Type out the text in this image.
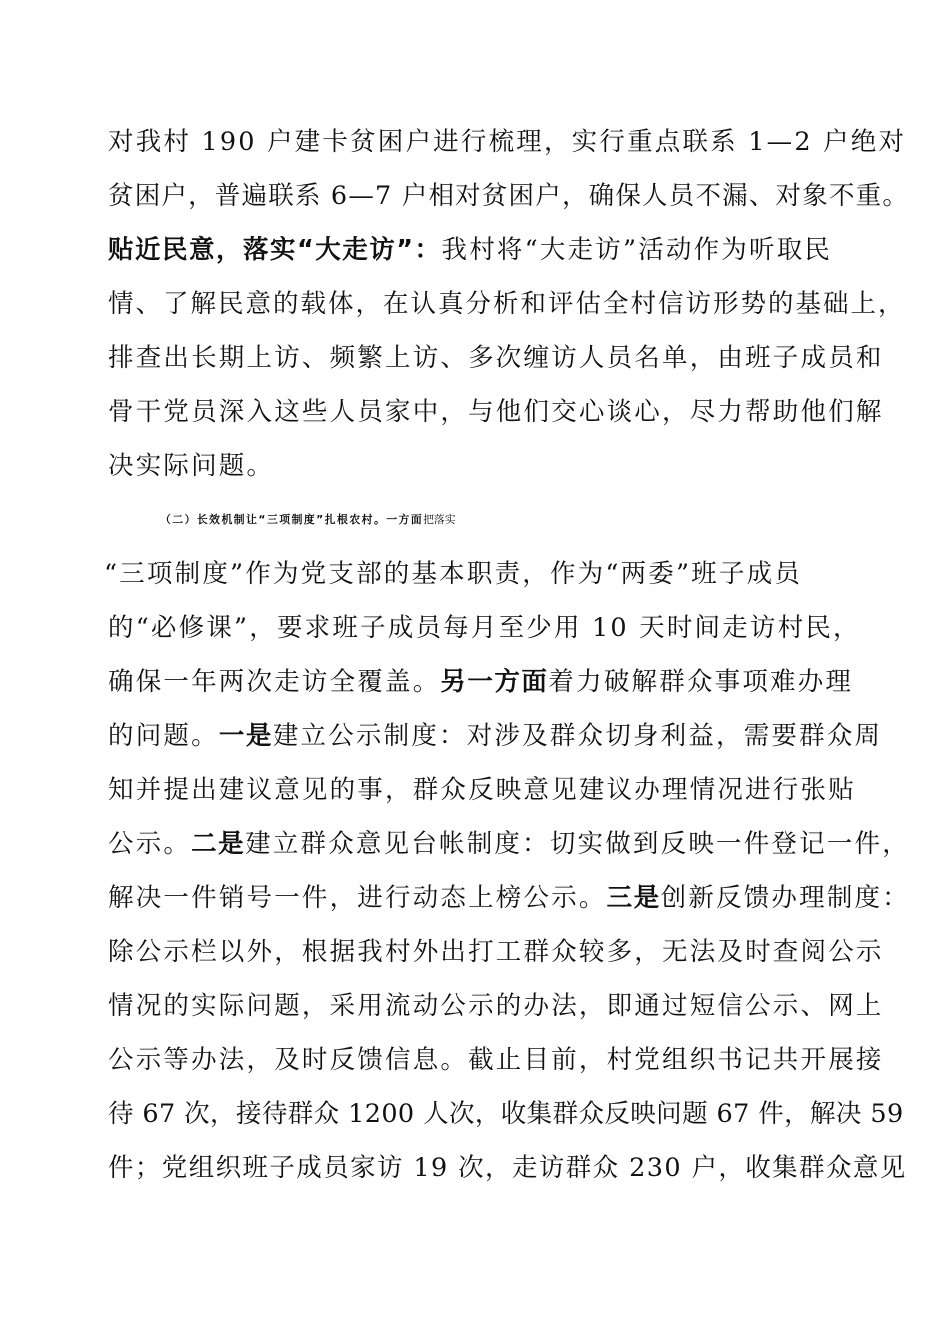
对我村 190 户建卡贫困户进行梳理，实行重点联系 1—2 户绝对
贫困户，普遍联系 6—7 户相对贫困户，确保人员不漏、对象不重。
贴近民意，落实“大走访”：我村将“大走访”活动作为听取民
情、了解民意的载体，在认真分析和评估全村信访形势的基础上，
排查出长期上访、频繁上访、多次缠访人员名单，由班子成员和
骨干党员深入这些人员家中，与他们交心谈心，尽力帮助他们解
决实际问题。
（二）长效机制让“三项制度”扎根农村。一方面把落实
“三项制度”作为党支部的基本职责，作为“两委”班子成员
的“必修课”，要求班子成员每月至少用 10 天时间走访村民，
确保一年两次走访全覆盖。另一方面着力破解群众事项难办理
的问题。一是建立公示制度：对涉及群众切身利益，需要群众周
知并提出建议意见的事，群众反映意见建议办理情况进行张贴
公示。二是建立群众意见台帐制度：切实做到反映一件登记一件，
解决一件销号一件，进行动态上榜公示。三是创新反馈办理制度：
除公示栏以外，根据我村外出打工群众较多，无法及时查阅公示
情况的实际问题，采用流动公示的办法，即通过短信公示、网上
公示等办法，及时反馈信息。截止目前，村党组织书记共开展接
待 67 次，接待群众 1200 人次，收集群众反映问题 67 件，解决 59
件；党组织班子成员家访 19 次，走访群众 230 户，收集群众意见
